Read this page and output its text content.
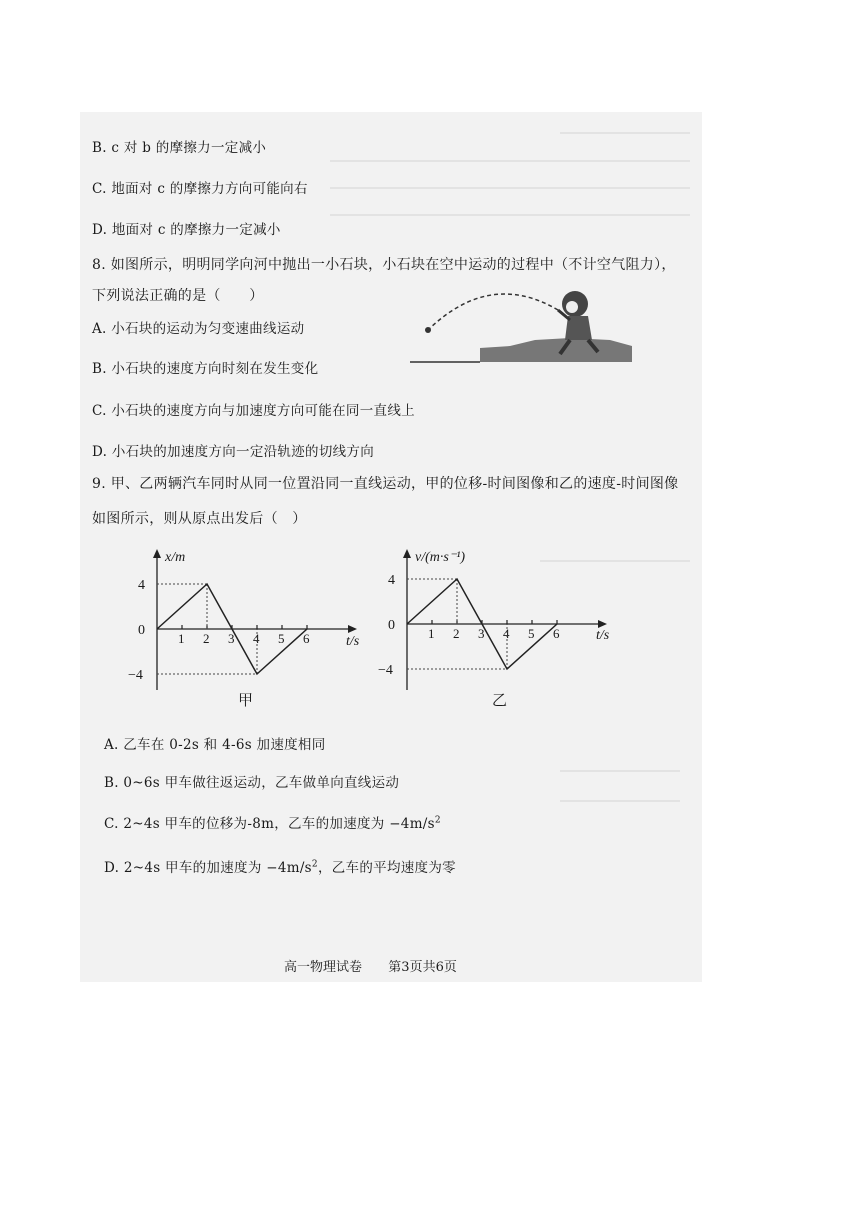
B. c 对 b 的摩擦力一定减小
C. 地面对 c 的摩擦力方向可能向右
D. 地面对 c 的摩擦力一定减小
8. 如图所示，明明同学向河中抛出一小石块，小石块在空中运动的过程中（不计空气阻力），
下列说法正确的是（　　）
A. 小石块的运动为匀变速曲线运动
B. 小石块的速度方向时刻在发生变化
C. 小石块的速度方向与加速度方向可能在同一直线上
D. 小石块的加速度方向一定沿轨迹的切线方向
9. 甲、乙两辆汽车同时从同一位置沿同一直线运动，甲的位移-时间图像和乙的速度-时间图像
如图所示，则从原点出发后（　）
1 2 3 4 5 6
4
0
−4
x/m
t/s
甲
1 2 3 4 5 6
4
0
−4
v/(m·s⁻¹)
t/s
乙
A. 乙车在 0-2s 和 4-6s 加速度相同
B. 0~6s 甲车做往返运动，乙车做单向直线运动
C. 2~4s 甲车的位移为-8m，乙车的加速度为 $-4m/s^2$
D. 2~4s 甲车的加速度为 $-4m/s^2$，乙车的平均速度为零
高一物理试卷 第3页共6页
